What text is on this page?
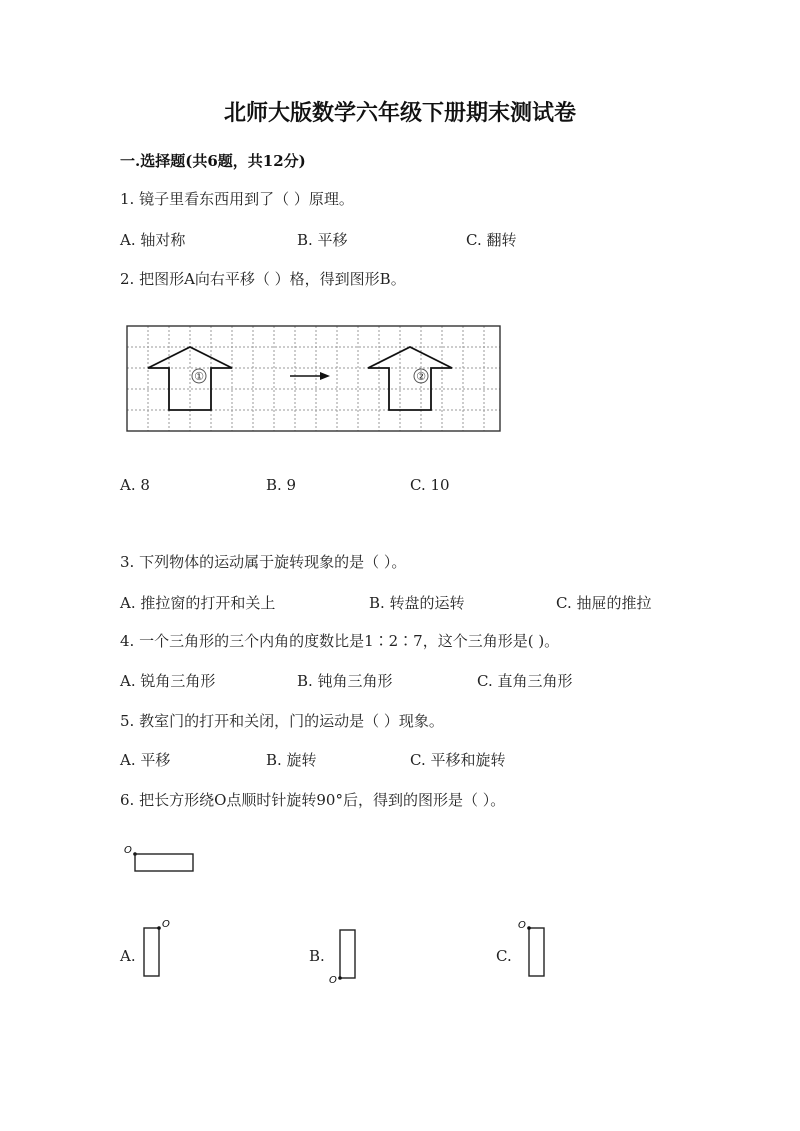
北师大版数学六年级下册期末测试卷
一.选择题(共6题，共12分)
1. 镜子里看东西用到了（ ）原理。
A. 轴对称	B. 平移	C. 翻转
2. 把图形A向右平移（ ）格，得到图形B。
①	②
A. 8	B. 9	C. 10
3. 下列物体的运动属于旋转现象的是（ ）。
A. 推拉窗的打开和关上	B. 转盘的运转	C. 抽屉的推拉
4. 一个三角形的三个内角的度数比是1∶2∶7，这个三角形是( )。
A. 锐角三角形	B. 钝角三角形	C. 直角三角形
5. 教室门的打开和关闭，门的运动是（ ）现象。
A. 平移	B. 旋转	C. 平移和旋转
6. 把长方形绕O点顺时针旋转90°后，得到的图形是（ ）。
O
A.
O
B.
O
C.
O
